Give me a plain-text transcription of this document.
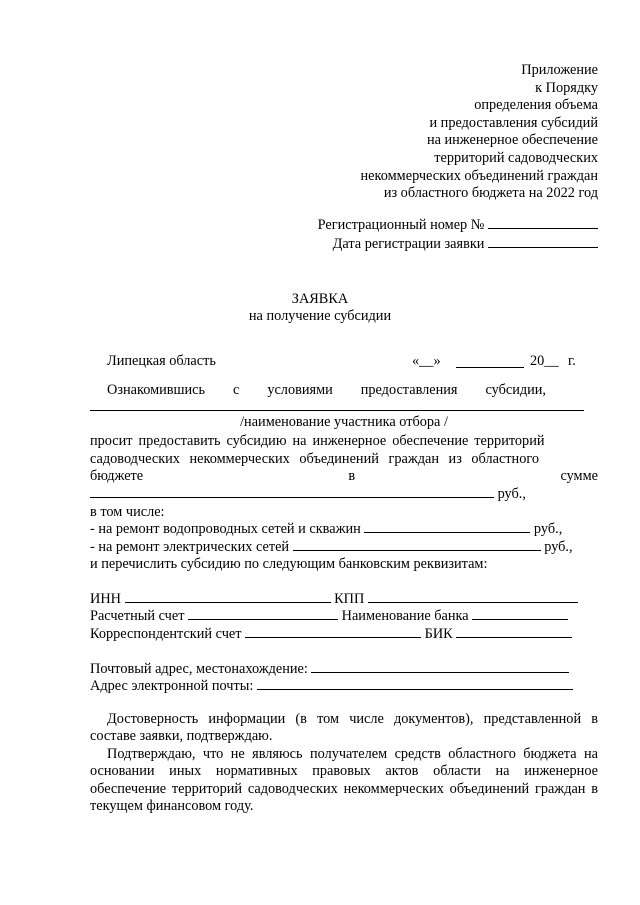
Приложение
к Порядку
определения объема
и предоставления субсидий
на инженерное обеспечение
территорий садоводческих
некоммерческих объединений граждан
из областного бюджета на 2022 год
Регистрационный номер №
Дата регистрации заявки
ЗАЯВКА
на получение субсидии
Липецкая область	«__»	20__ г.
Ознакомившись с условиями предоставления субсидии,
/наименование участника отбора /
просит предоставить субсидию на инженерное обеспечение территорий
садоводческих некоммерческих объединений граждан из областного
бюджете	в	сумме
руб.,
в том числе:
- на ремонт водопроводных сетей и скважин	руб.,
- на ремонт электрических сетей	руб.,
и перечислить субсидию по следующим банковским реквизитам:
ИНН	КПП
Расчетный счет	Наименование банка
Корреспондентский счет	БИК
Почтовый адрес, местонахождение:
Адрес электронной почты:
Достоверность информации (в том числе документов), представленной в составе заявки, подтверждаю.
Подтверждаю, что не являюсь получателем средств областного бюджета на основании иных нормативных правовых актов области на инженерное обеспечение территорий садоводческих некоммерческих объединений граждан в текущем финансовом году.
